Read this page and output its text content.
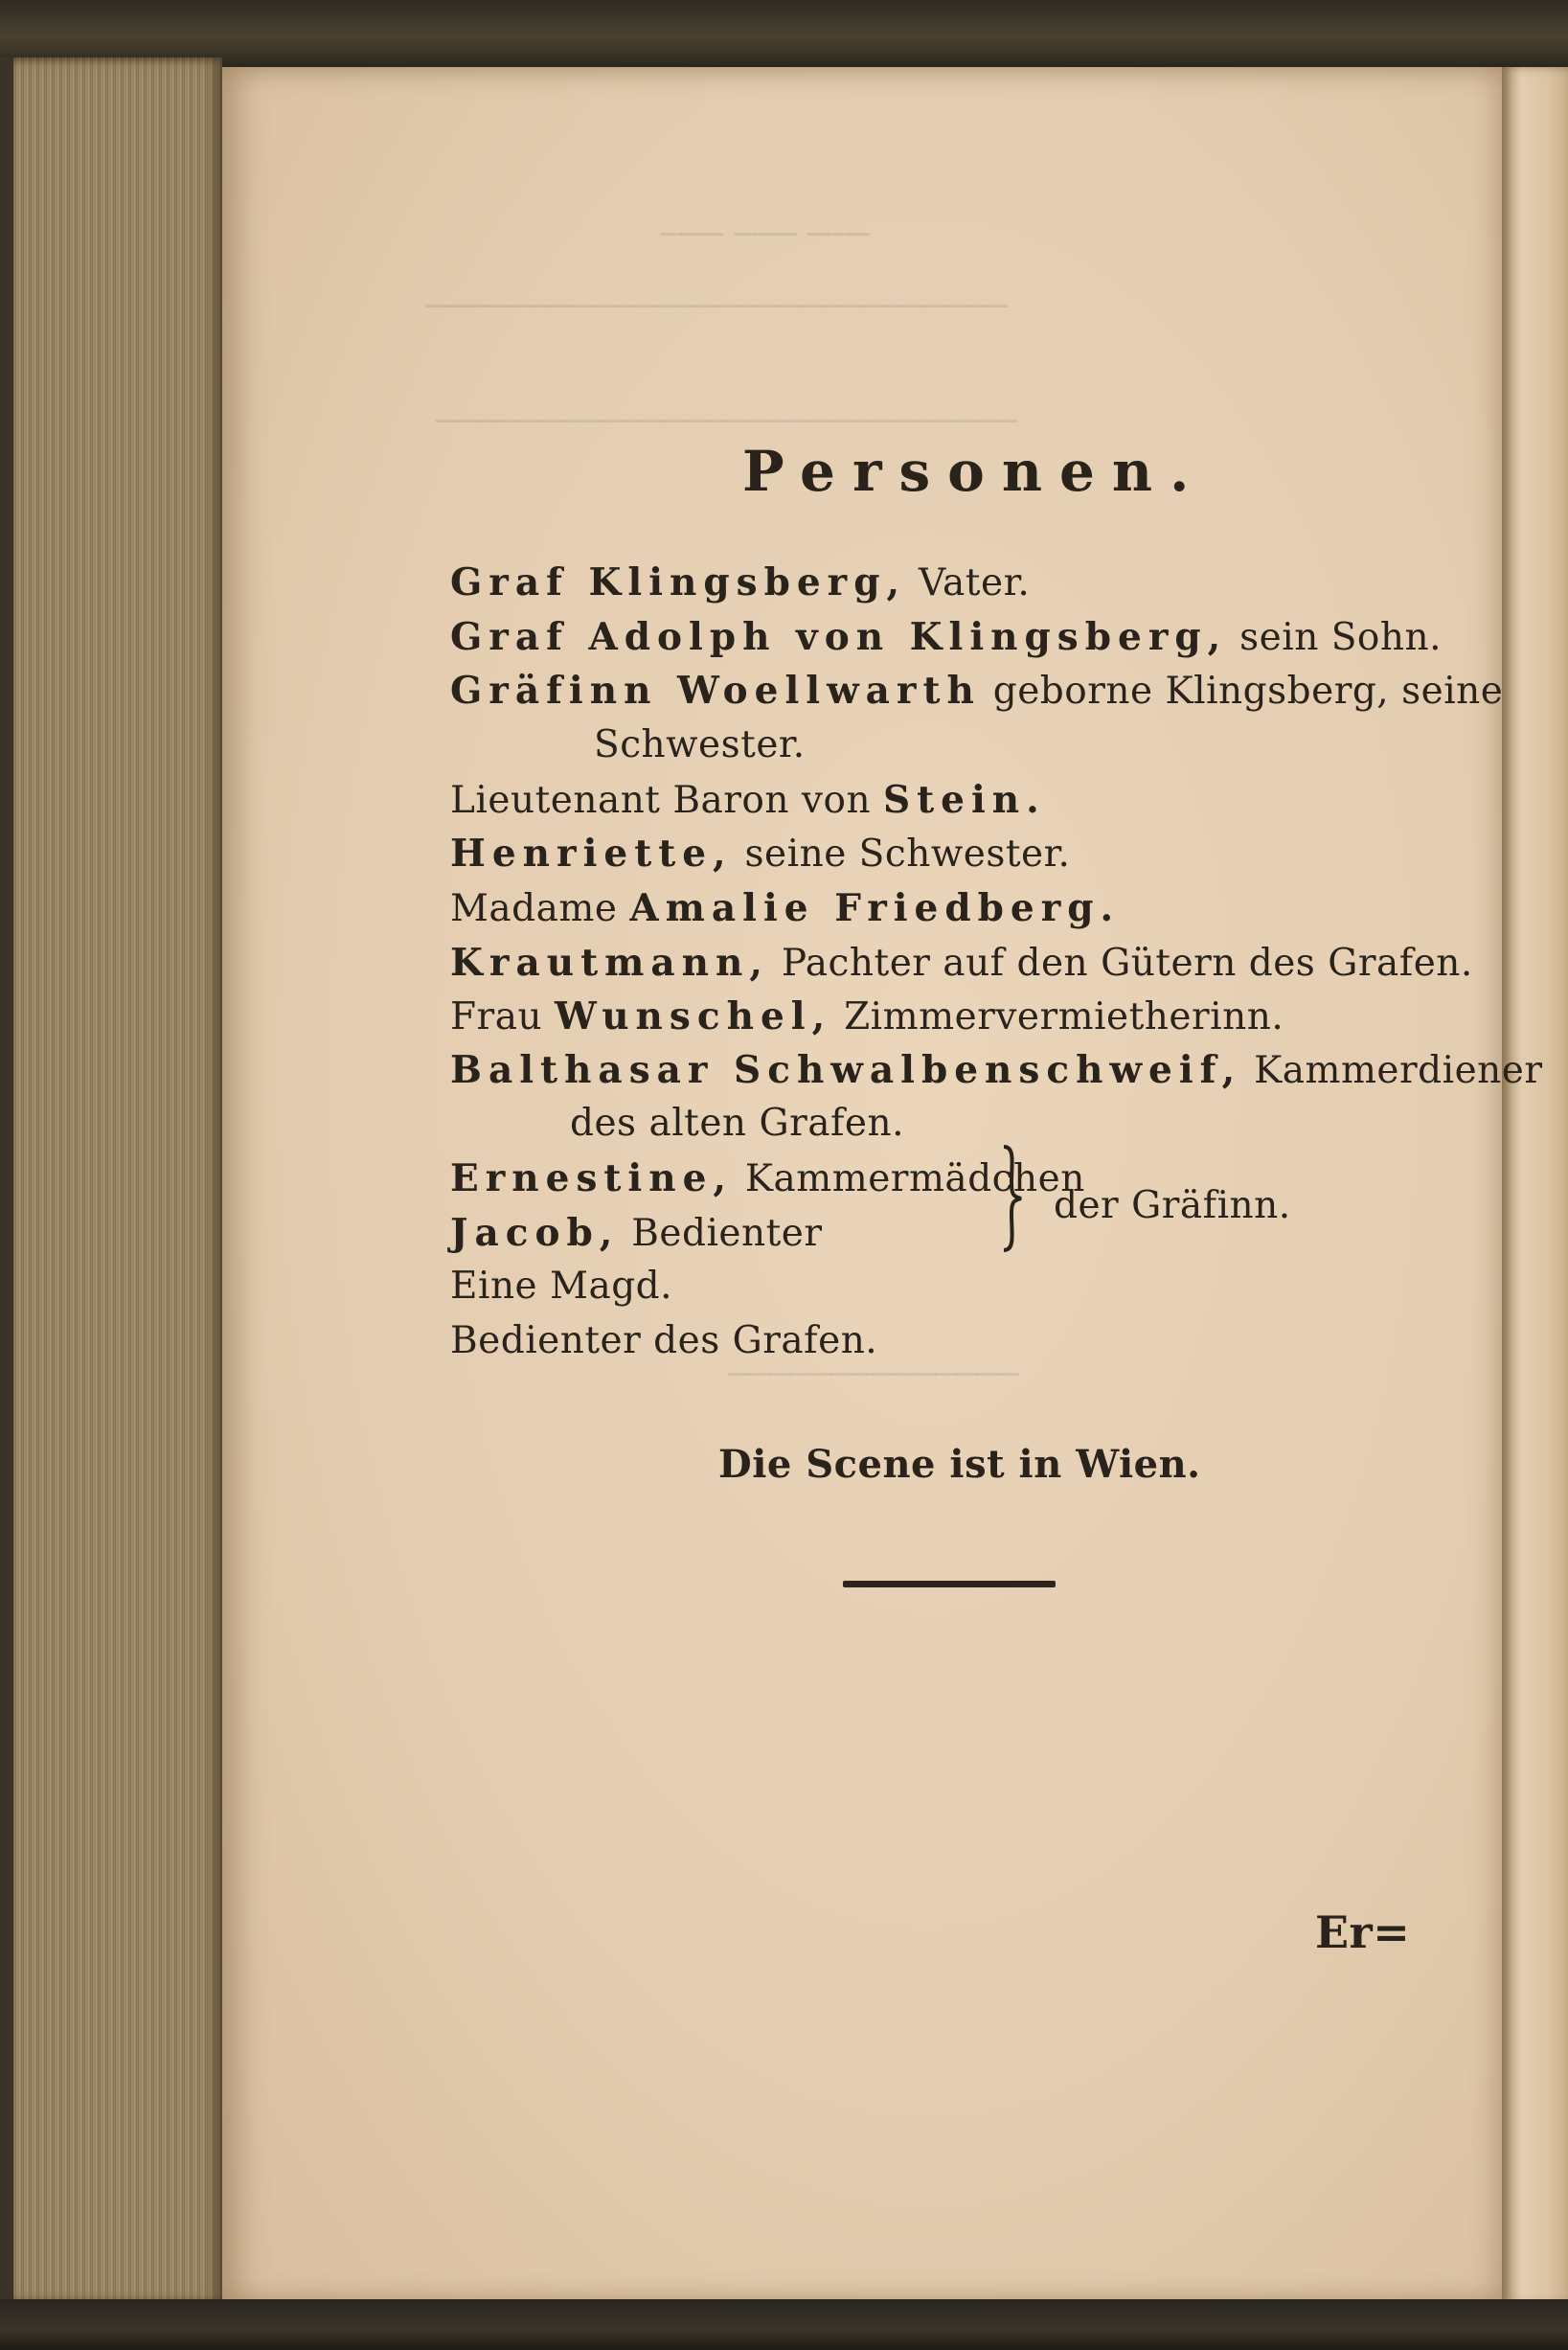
─── ─── ───
────────────────────────────
────────────────────────────
──────────────
Personen.
Graf Klingsberg, Vater.
Graf Adolph von Klingsberg, sein Sohn.
Gräfinn Woellwarth geborne Klingsberg, seine
Schwester.
Lieutenant Baron von Stein.
Henriette, seine Schwester.
Madame Amalie Friedberg.
Krautmann, Pachter auf den Gütern des Grafen.
Frau Wunschel, Zimmervermietherinn.
Balthasar Schwalbenschweif, Kammerdiener
des alten Grafen.
Ernestine, Kammermädchen
Jacob, Bedienter
der Gräfinn.
Eine Magd.
Bedienter des Grafen.
Die Scene ist in Wien.
Er=
